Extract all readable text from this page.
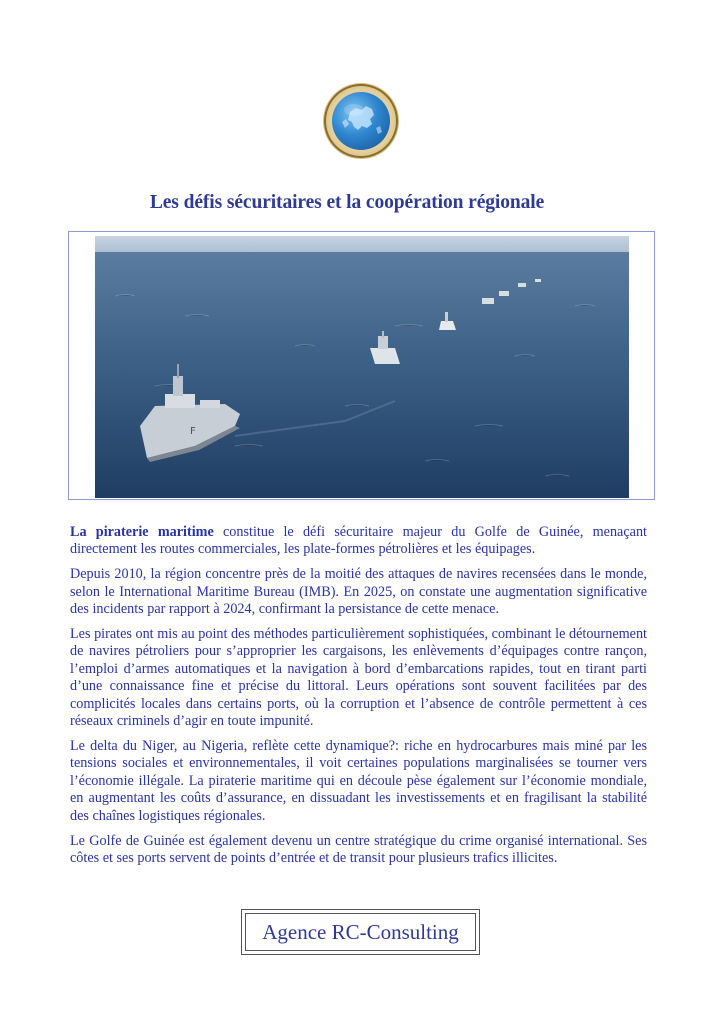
Les défis sécuritaires et la coopération régionale
F

La piraterie maritime constitue le défi sécuritaire majeur du Golfe de Guinée, menaçant directement les routes commerciales, les plate-formes pétrolières et les équipages.

Depuis 2010, la région concentre près de la moitié des attaques de navires recensées dans le monde, selon le International Maritime Bureau (IMB). En 2025, on constate une augmentation significative des incidents par rapport à 2024, confirmant la persistance de cette menace.

Les pirates ont mis au point des méthodes particulièrement sophistiquées, combinant le détournement de navires pétroliers pour s’approprier les cargaisons, les enlèvements d’équipages contre rançon, l’emploi d’armes automatiques et la navigation à bord d’embarcations rapides, tout en tirant parti d’une connaissance fine et précise du littoral. Leurs opérations sont souvent facilitées par des complicités locales dans certains ports, où la corruption et l’absence de contrôle permettent à ces réseaux criminels d’agir en toute impunité.

Le delta du Niger, au Nigeria, reflète cette dynamique?: riche en hydrocarbures mais miné par les tensions sociales et environnementales, il voit certaines populations marginalisées se tourner vers l’économie illégale. La piraterie maritime qui en découle pèse également sur l’économie mondiale, en augmentant les coûts d’assurance, en dissuadant les investissements et en fragilisant la stabilité des chaînes logistiques régionales.

Le Golfe de Guinée est également devenu un centre stratégique du crime organisé international. Ses côtes et ses ports servent de points d’entrée et de transit pour plusieurs trafics illicites.

Agence RC-Consulting
